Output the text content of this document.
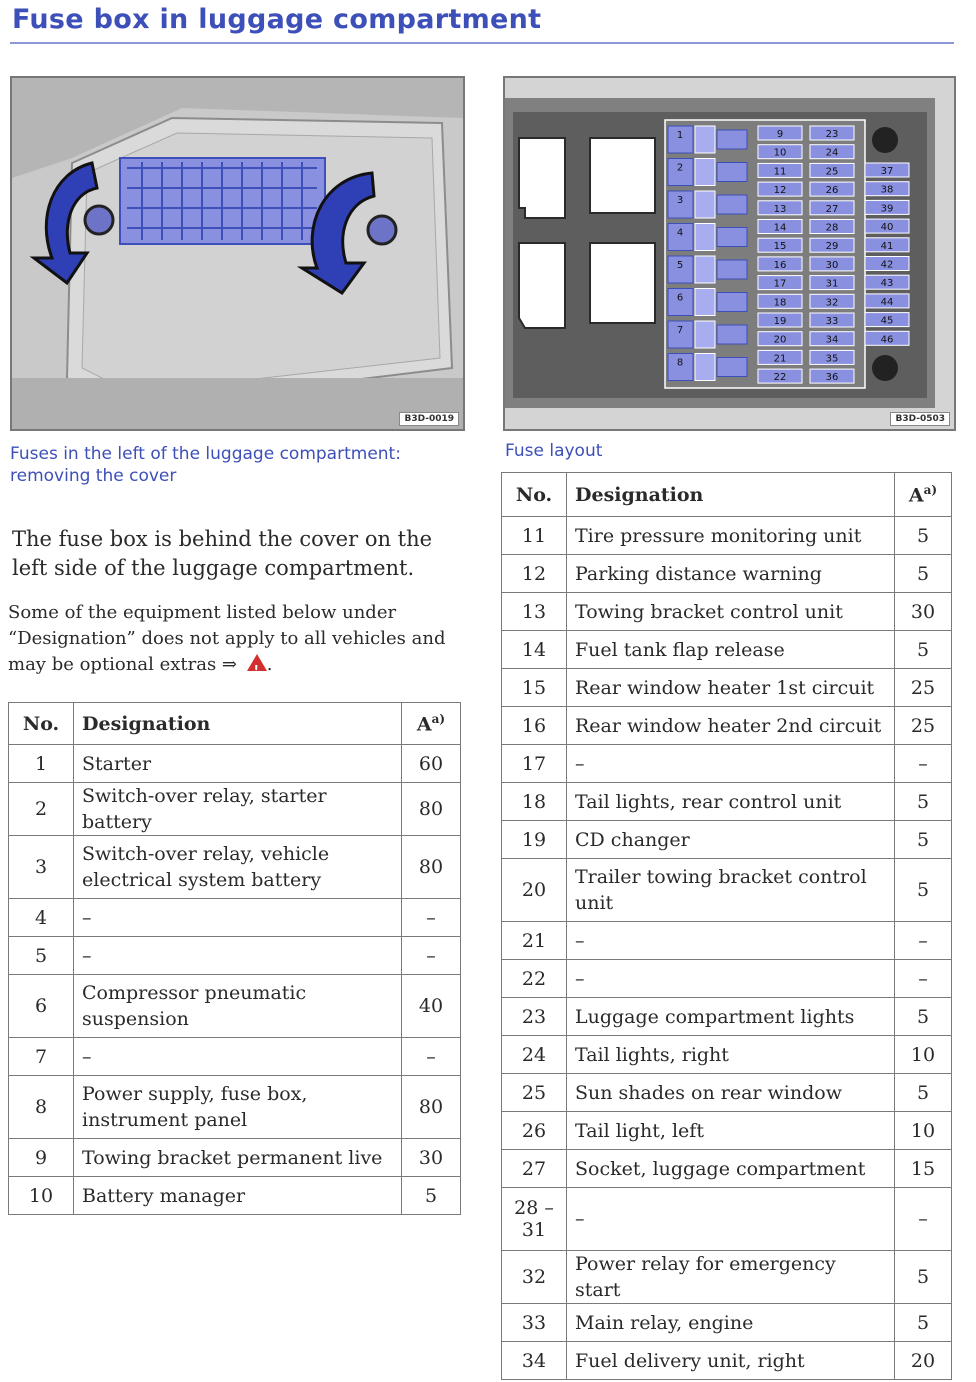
Fuse box in luggage compartment
B3D-0019
Fuses in the left of the luggage compartment:
removing the cover
1
2
3
4
5
6
7
8
9
10
11
12
13
14
15
16
17
18
19
20
21
22
23
24
25
26
27
28
29
30
31
32
33
34
35
36
37
38
39
40
41
42
43
44
45
46
B3D-0503
Fuse layout
The fuse box is behind the cover on the left side of the luggage compartment.
Some of the equipment listed below under “Designation” does not apply to all vehicles and may be optional extras ⇒ ! .
No.	Designation	$A^{a)}$
1	Starter	60
2	Switch-over relay, starter battery	80
3	Switch-over relay, vehicle electrical system battery	80
4	–	–
5	–	–
6	Compressor pneumatic suspension	40
7	–	–
8	Power supply, fuse box, instrument panel	80
9	Towing bracket permanent live	30
10	Battery manager	5
No.	Designation	$A^{a)}$
11	Tire pressure monitoring unit	5
12	Parking distance warning	5
13	Towing bracket control unit	30
14	Fuel tank flap release	5
15	Rear window heater 1st circuit	25
16	Rear window heater 2nd circuit	25
17	–	–
18	Tail lights, rear control unit	5
19	CD changer	5
20	Trailer towing bracket control unit	5
21	–	–
22	–	–
23	Luggage compartment lights	5
24	Tail lights, right	10
25	Sun shades on rear window	5
26	Tail light, left	10
27	Socket, luggage compartment	15
28 – 31	–	–
32	Power relay for emergency start	5
33	Main relay, engine	5
34	Fuel delivery unit, right	20
